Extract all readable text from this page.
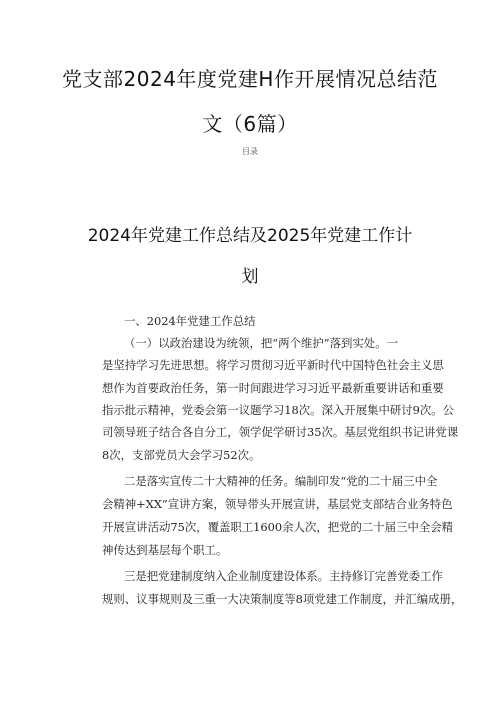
党支部2024年度党建H作开展情况总结范
文（6篇）
目录
2024年党建工作总结及2025年党建工作计
划
一、2024年党建工作总结
（一）以政治建设为统领，把“两个维护”落到实处。一
是坚持学习先进思想。将学习贯彻习近平新时代中国特色社会主义思
想作为首要政治任务，第一时间跟进学习习近平最新重要讲话和重要
指示批示精神，党委会第一议题学习18次。深入开展集中研讨9次。公
司领导班子结合各自分工，领学促学研讨35次。基层党组织书记讲党课
8次，支部党员大会学习52次。
二是落实宣传二十大精神的任务。编制印发“党的二十届三中全
会精神+XX”宣讲方案，领导带头开展宣讲，基层党支部结合业务特色
开展宣讲活动75次，覆盖职工1600余人次，把党的二十届三中全会精
神传达到基层每个职工。
三是把党建制度纳入企业制度建设体系。主持修订完善党委工作
规则、议事规则及三重一大决策制度等8项党建工作制度，并汇编成册，
